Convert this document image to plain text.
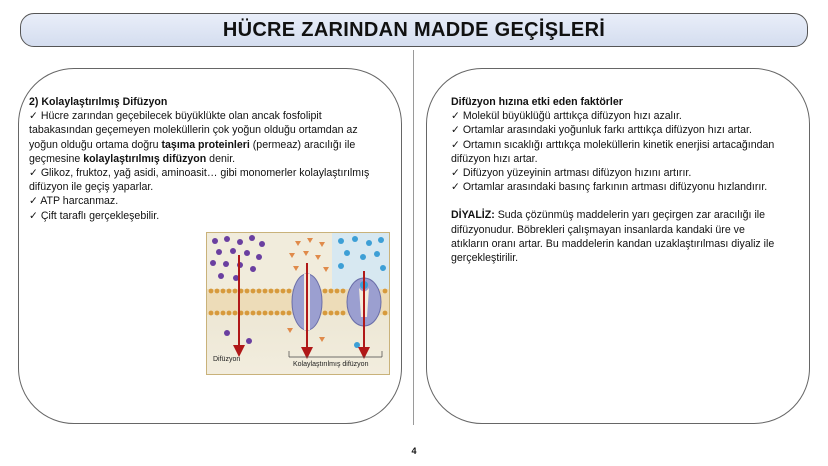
HÜCRE ZARINDAN MADDE GEÇİŞLERİ

2) Kolaylaştırılmış Difüzyon

✓ Hücre zarından geçebilecek büyüklükte olan ancak fosfolipit tabakasından geçemeyen moleküllerin çok yoğun olduğu ortamdan az yoğun olduğu ortama doğru taşıma proteinleri (permeaz) aracılığı ile geçmesine kolaylaştırılmış difüzyon denir.

✓ Glikoz, fruktoz, yağ asidi, aminoasit… gibi monomerler kolaylaştırılmış difüzyon ile geçiş yaparlar.

✓ ATP harcanmaz.

✓ Çift taraflı gerçekleşebilir.

Difüzyon
Kolaylaştırılmış difüzyon

Difüzyon hızına etki eden faktörler

✓ Molekül büyüklüğü arttıkça difüzyon hızı azalır.

✓ Ortamlar arasındaki yoğunluk farkı arttıkça difüzyon hızı artar.

✓ Ortamın sıcaklığı arttıkça moleküllerin kinetik enerjisi artacağından difüzyon hızı artar.

✓ Difüzyon yüzeyinin artması difüzyon hızını artırır.

✓ Ortamlar arasındaki basınç farkının artması difüzyonu hızlandırır.

DİYALİZ: Suda çözünmüş maddelerin yarı geçirgen zar aracılığı ile difüzyonudur. Böbrekleri çalışmayan insanlarda kandaki üre ve atıkların oranı artar. Bu maddelerin kandan uzaklaştırılması diyaliz ile gerçekleştirilir.

4
